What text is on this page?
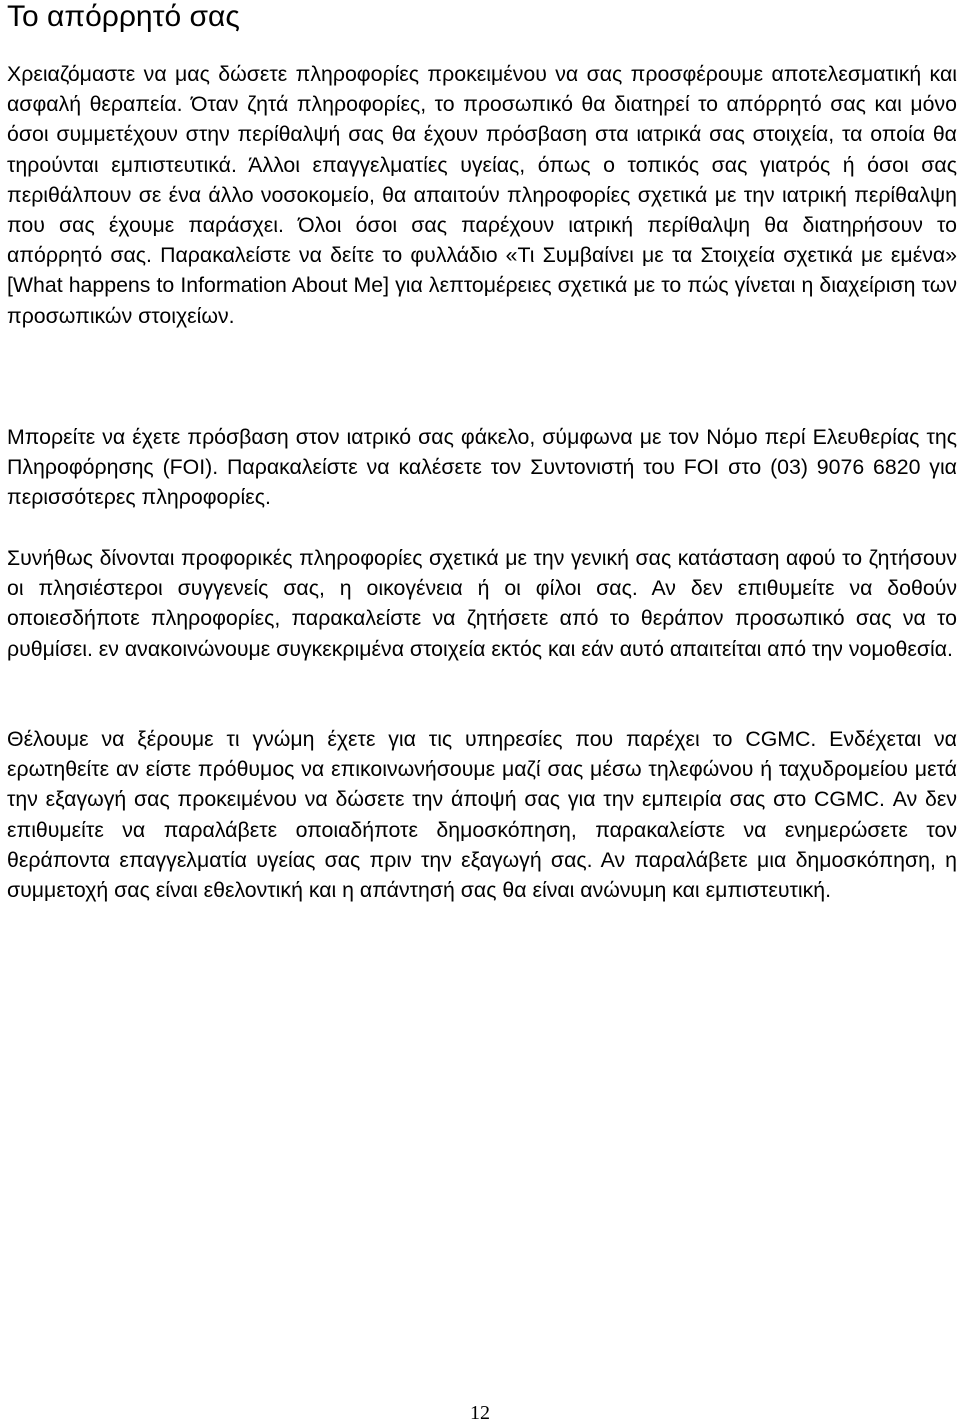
Το απόρρητό σας

Χρειαζόμαστε να μας δώσετε πληροφορίες προκειμένου να σας προσφέρουμε αποτελεσματική και ασφαλή θεραπεία. Όταν ζητά πληροφορίες, το προσωπικό θα διατηρεί το απόρρητό σας και μόνο όσοι συμμετέχουν στην περίθαλψή σας θα έχουν πρόσβαση στα ιατρικά σας στοιχεία, τα οποία θα τηρούνται εμπιστευτικά. Άλλοι επαγγελματίες υγείας, όπως ο τοπικός σας γιατρός ή όσοι σας περιθάλπουν σε ένα άλλο νοσοκομείο, θα απαιτούν πληροφορίες σχετικά με την ιατρική περίθαλψη που σας έχουμε παράσχει. Όλοι όσοι σας παρέχουν ιατρική περίθαλψη θα διατηρήσουν το απόρρητό σας. Παρακαλείστε να δείτε το φυλλάδιο «Τι Συμβαίνει με τα Στοιχεία σχετικά με εμένα» [What happens to Information About Me] για λεπτομέρειες σχετικά με το πώς γίνεται η διαχείριση των προσωπικών στοιχείων.

Μπορείτε να έχετε πρόσβαση στον ιατρικό σας φάκελο, σύμφωνα με τον Νόμο περί Ελευθερίας της Πληροφόρησης (FOI). Παρακαλείστε να καλέσετε τον Συντονιστή του FOI στο (03) 9076 6820 για περισσότερες πληροφορίες.

Συνήθως δίνονται προφορικές πληροφορίες σχετικά με την γενική σας κατάσταση αφού το ζητήσουν οι πλησιέστεροι συγγενείς σας, η οικογένεια ή οι φίλοι σας. Αν δεν επιθυμείτε να δοθούν οποιεσδήποτε πληροφορίες, παρακαλείστε να ζητήσετε από το θεράπον προσωπικό σας να το ρυθμίσει. εν ανακοινώνουμε συγκεκριμένα στοιχεία εκτός και εάν αυτό απαιτείται από την νομοθεσία.

Θέλουμε να ξέρουμε τι γνώμη έχετε για τις υπηρεσίες που παρέχει το CGMC. Ενδέχεται να ερωτηθείτε αν είστε πρόθυμος να επικοινωνήσουμε μαζί σας μέσω τηλεφώνου ή ταχυδρομείου μετά την εξαγωγή σας προκειμένου να δώσετε την άποψή σας για την εμπειρία σας στο CGMC. Αν δεν επιθυμείτε να παραλάβετε οποιαδήποτε δημοσκόπηση, παρακαλείστε να ενημερώσετε τον θεράποντα επαγγελματία υγείας σας πριν την εξαγωγή σας. Αν παραλάβετε μια δημοσκόπηση, η συμμετοχή σας είναι εθελοντική και η απάντησή σας θα είναι ανώνυμη και εμπιστευτική.

12
